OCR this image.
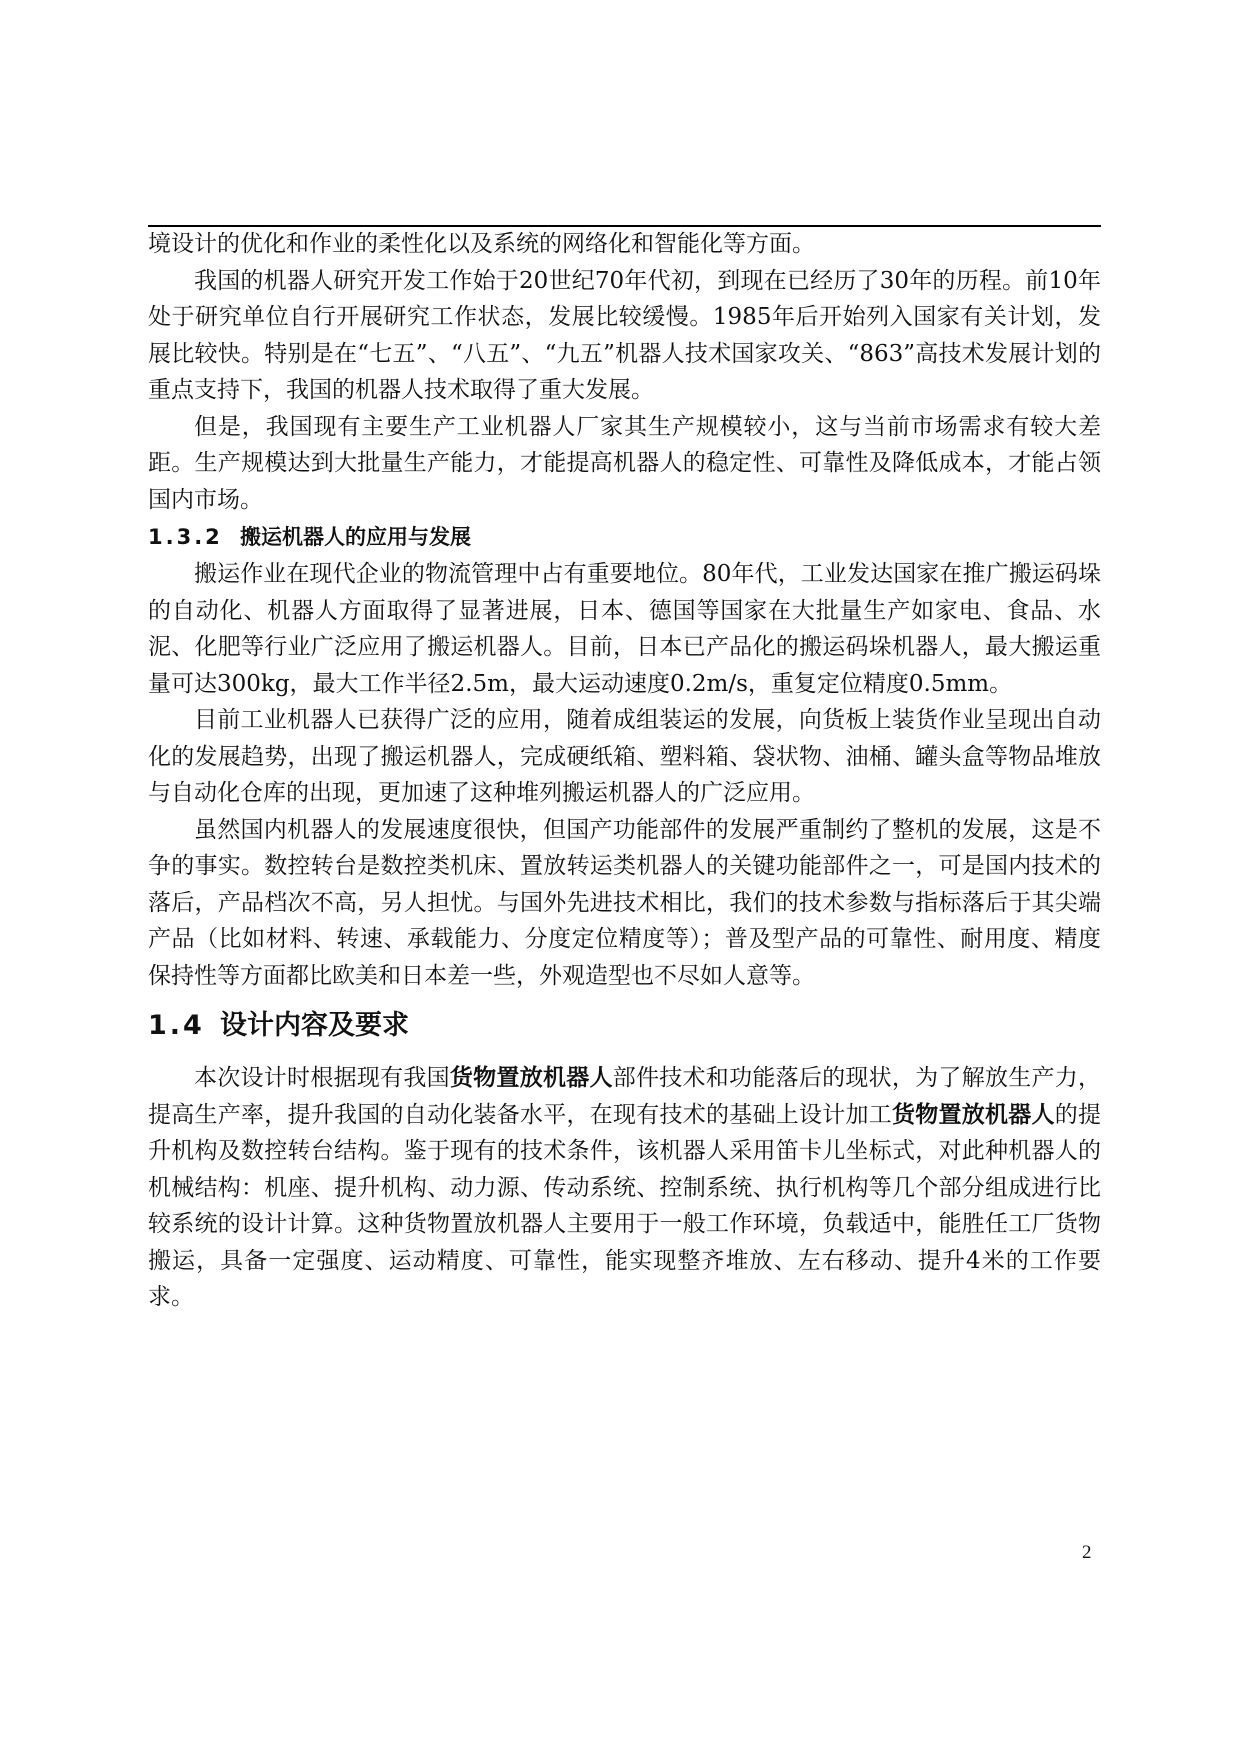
境设计的优化和作业的柔性化以及系统的网络化和智能化等方面。

我国的机器人研究开发工作始于20世纪70年代初，到现在已经历了30年的历程。前10年处于研究单位自行开展研究工作状态，发展比较缓慢。1985年后开始列入国家有关计划，发展比较快。特别是在“七五”、“八五”、“九五”机器人技术国家攻关、“863”高技术发展计划的重点支持下，我国的机器人技术取得了重大发展。

但是，我国现有主要生产工业机器人厂家其生产规模较小，这与当前市场需求有较大差距。生产规模达到大批量生产能力，才能提高机器人的稳定性、可靠性及降低成本，才能占领国内市场。

1.3.2 搬运机器人的应用与发展

搬运作业在现代企业的物流管理中占有重要地位。80年代，工业发达国家在推广搬运码垛的自动化、机器人方面取得了显著进展，日本、德国等国家在大批量生产如家电、食品、水泥、化肥等行业广泛应用了搬运机器人。目前，日本已产品化的搬运码垛机器人，最大搬运重量可达300kg，最大工作半径2.5m，最大运动速度0.2m/s，重复定位精度0.5mm。

目前工业机器人已获得广泛的应用，随着成组装运的发展，向货板上装货作业呈现出自动化的发展趋势，出现了搬运机器人，完成硬纸箱、塑料箱、袋状物、油桶、罐头盒等物品堆放与自动化仓库的出现，更加速了这种堆列搬运机器人的广泛应用。

虽然国内机器人的发展速度很快，但国产功能部件的发展严重制约了整机的发展，这是不争的事实。数控转台是数控类机床、置放转运类机器人的关键功能部件之一，可是国内技术的落后，产品档次不高，另人担忧。与国外先进技术相比，我们的技术参数与指标落后于其尖端产品（比如材料、转速、承载能力、分度定位精度等）；普及型产品的可靠性、耐用度、精度保持性等方面都比欧美和日本差一些，外观造型也不尽如人意等。

1.4 设计内容及要求

本次设计时根据现有我国货物置放机器人部件技术和功能落后的现状，为了解放生产力，提高生产率，提升我国的自动化装备水平，在现有技术的基础上设计加工货物置放机器人的提升机构及数控转台结构。鉴于现有的技术条件，该机器人采用笛卡儿坐标式，对此种机器人的机械结构：机座、提升机构、动力源、传动系统、控制系统、执行机构等几个部分组成进行比较系统的设计计算。这种货物置放机器人主要用于一般工作环境，负载适中，能胜任工厂货物搬运，具备一定强度、运动精度、可靠性，能实现整齐堆放、左右移动、提升4米的工作要求。

2
